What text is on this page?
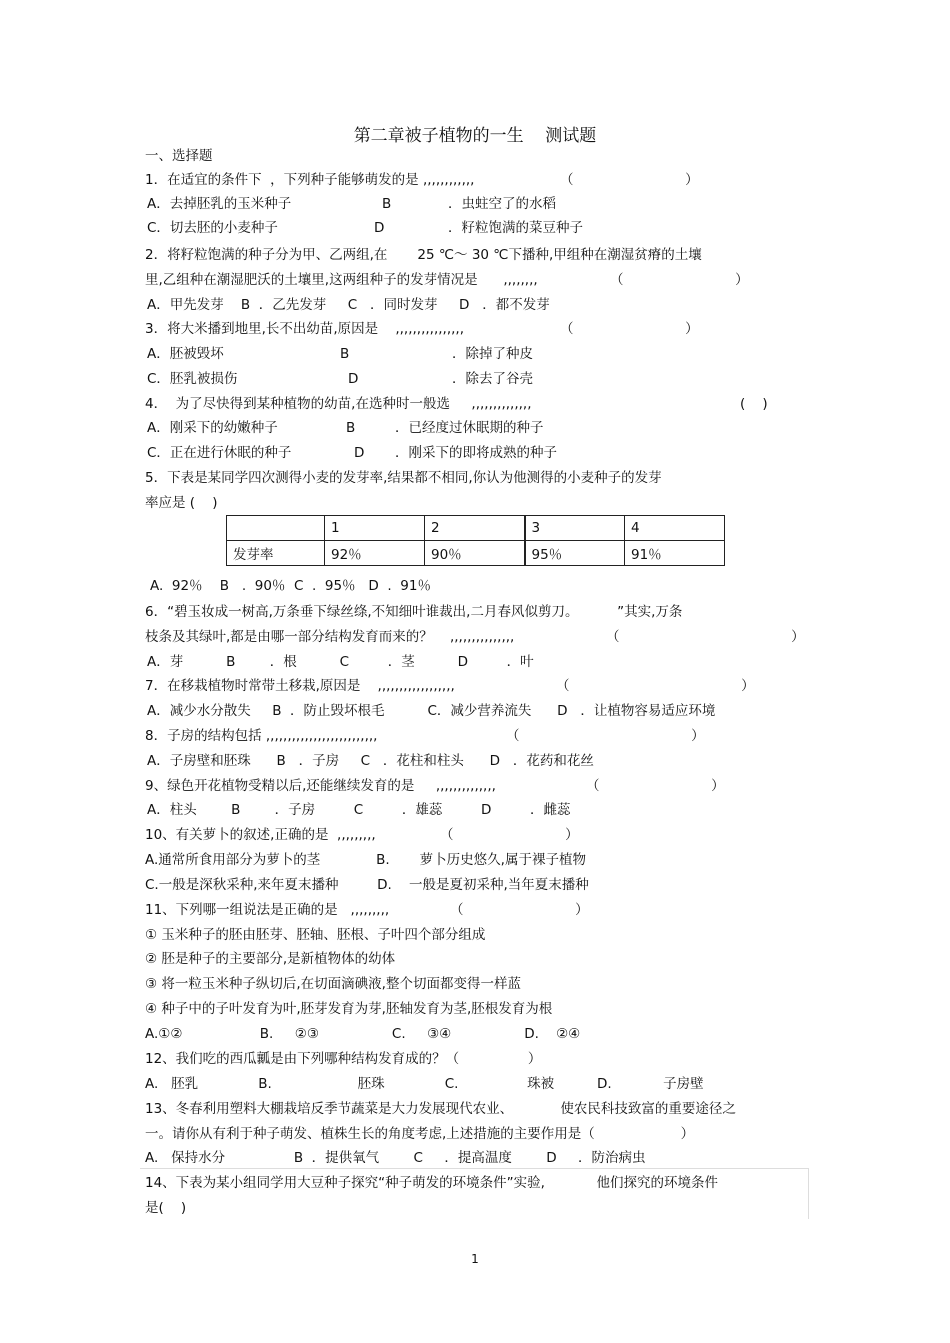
第二章被子植物的一生    测试题
一、选择题
1．在适宜的条件下  ，下列种子能够萌发的是 ,,,,,,,,,,,,	（                          ）
A．去掉胚乳的玉米种子	B	．虫蛀空了的水稻
C．切去胚的小麦种子	D	．籽粒饱满的菜豆种子
2．将籽粒饱满的种子分为甲、乙两组,在       25 ℃～ 30 ℃下播种,甲组种在潮湿贫瘠的土壤
里,乙组种在潮湿肥沃的土壤里,这两组种子的发芽情况是      ,,,,,,,,	（                          ）
A．甲先发芽    B  ．乙先发芽     C   ．同时发芽     D   ．都不发芽
3．将大米播到地里,长不出幼苗,原因是    ,,,,,,,,,,,,,,,,	（                          ）
A．胚被毁坏	B	．除掉了种皮
C．胚乳被损伤	D	．除去了谷壳
4．  为了尽快得到某种植物的幼苗,在选种时一般选     ,,,,,,,,,,,,,,	(    )
A．刚采下的幼嫩种子	B	．已经度过休眠期的种子
C．正在进行休眠的种子	D ．刚采下的即将成熟的种子
5．下表是某同学四次测得小麦的发芽率,结果都不相同,你认为他测得的小麦种子的发芽
率应是 (    )
A.  92％    B   .  90％  C  .  95％   D  .  91％
6．“碧玉妆成一树高,万条垂下绿丝绦,不知细叶谁裁出,二月春风似剪刀。         ”其实,万条
枝条及其绿叶,都是由哪一部分结构发育而来的？    ,,,,,,,,,,,,,,,	（                                        ）
A．芽          B        ．根          C         ．茎          D         ．叶
7．在移栽植物时常带土移栽,原因是    ,,,,,,,,,,,,,,,,,,	（                                        ）
A．减少水分散失     B  ．防止毁坏根毛          C．减少营养流失      D   ．让植物容易适应环境
8．子房的结构包括 ,,,,,,,,,,,,,,,,,,,,,,,,,,	（                                        ）
A．子房壁和胚珠      B   ．子房     C   ．花柱和柱头      D   ．花药和花丝
9、绿色开花植物受精以后,还能继续发育的是     ,,,,,,,,,,,,,,	（                          ）
A．柱头        B        ．子房         C         ．雄蕊         D         ．雌蕊
10、有关萝卜的叙述,正确的是  ,,,,,,,,,	（                          ）
A.通常所食用部分为萝卜的茎             B.       萝卜历史悠久,属于裸子植物
C.一般是深秋采种,来年夏末播种         D.    一般是夏初采种,当年夏末播种
11、下列哪一组说法是正确的是   ,,,,,,,,,	（                          ）
① 玉米种子的胚由胚芽、胚轴、胚根、子叶四个部分组成
② 胚是种子的主要部分,是新植物体的幼体
③ 将一粒玉米种子纵切后,在切面滴碘液,整个切面都变得一样蓝
④ 种子中的子叶发育为叶,胚芽发育为芽,胚轴发育为茎,胚根发育为根
A.①②                  B.     ②③                 C.     ③④                 D.    ②④
12、我们吃的西瓜瓤是由下列哪种结构发育成的？（                ）
A.   胚乳              B.                    胚珠              C.                珠被          D.            子房壁
13、冬春利用塑料大棚栽培反季节蔬菜是大力发展现代农业、           使农民科技致富的重要途径之
一。请你从有利于种子萌发、植株生长的角度考虑,上述措施的主要作用是（                    ）
A.   保持水分                B  ．提供氧气        C     ．提高温度        D     ．防治病虫
14、下表为某小组同学用大豆种子探究“种子萌发的环境条件”实验,            他们探究的环境条件
是(    )
	1	2	3	4
发芽率	92％	90％	95％	91％
1
